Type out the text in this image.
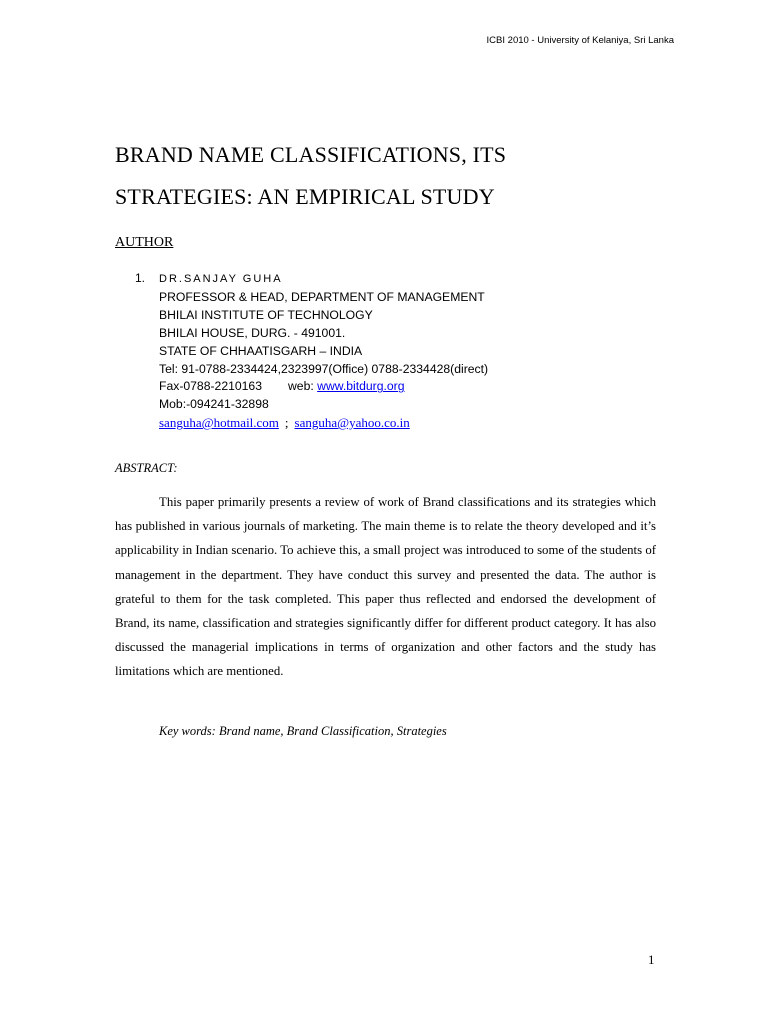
ICBI 2010 - University of Kelaniya, Sri Lanka
BRAND NAME CLASSIFICATIONS, ITS
STRATEGIES: AN EMPIRICAL STUDY
AUTHOR
1. DR.SANJAY GUHA
PROFESSOR & HEAD, DEPARTMENT OF MANAGEMENT
BHILAI INSTITUTE OF TECHNOLOGY
BHILAI HOUSE, DURG. - 491001.
STATE OF CHHAATISGARH – INDIA
Tel: 91-0788-2334424,2323997(Office) 0788-2334428(direct)
Fax-0788-2210163 web: www.bitdurg.org
Mob:-094241-32898
sanguha@hotmail.com ; sanguha@yahoo.co.in
ABSTRACT:

This paper primarily presents a review of work of Brand classifications and its strategies which has published in various journals of marketing. The main theme is to relate the theory developed and it’s applicability in Indian scenario. To achieve this, a small project was introduced to some of the students of management in the department. They have conduct this survey and presented the data. The author is grateful to them for the task completed. This paper thus reflected and endorsed the development of Brand, its name, classification and strategies significantly differ for different product category. It has also discussed the managerial implications in terms of organization and other factors and the study has limitations which are mentioned.

Key words: Brand name, Brand Classification, Strategies
1
